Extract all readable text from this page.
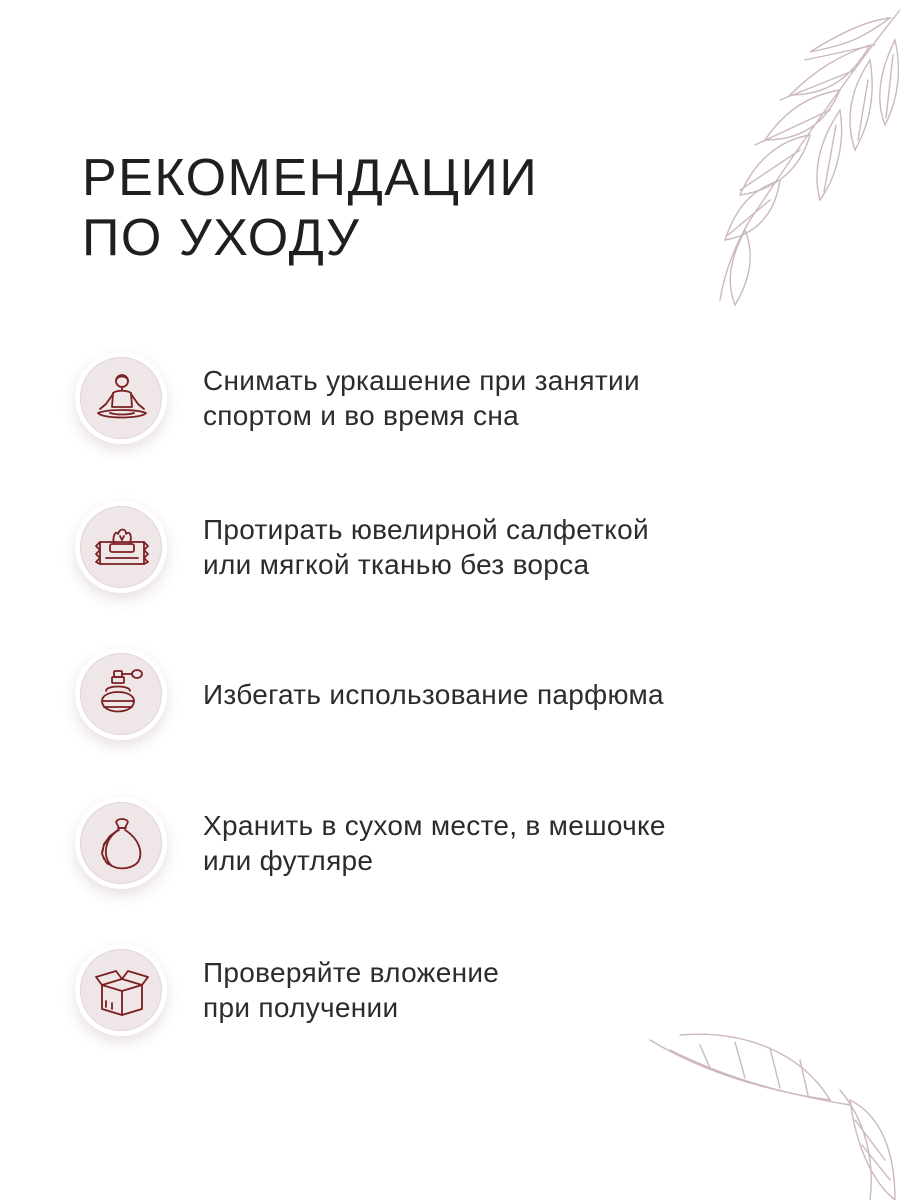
РЕКОМЕНДАЦИИ
ПО УХОДУ
Снимать уркашение при занятии
спортом и во время сна
Протирать ювелирной салфеткой
или мягкой тканью без ворса
Избегать использование парфюма
Хранить в сухом месте, в мешочке
или футляре
Проверяйте вложение
при получении
